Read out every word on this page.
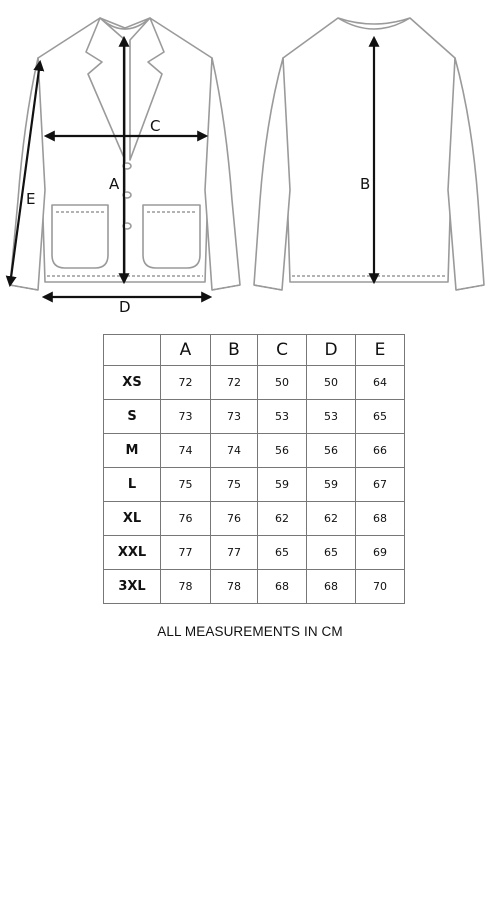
A
C
E
D
B
	A	B	C	D	E
XS	72	72	50	50	64
S	73	73	53	53	65
M	74	74	56	56	66
L	75	75	59	59	67
XL	76	76	62	62	68
XXL	77	77	65	65	69
3XL	78	78	68	68	70
ALL MEASUREMENTS IN CM
